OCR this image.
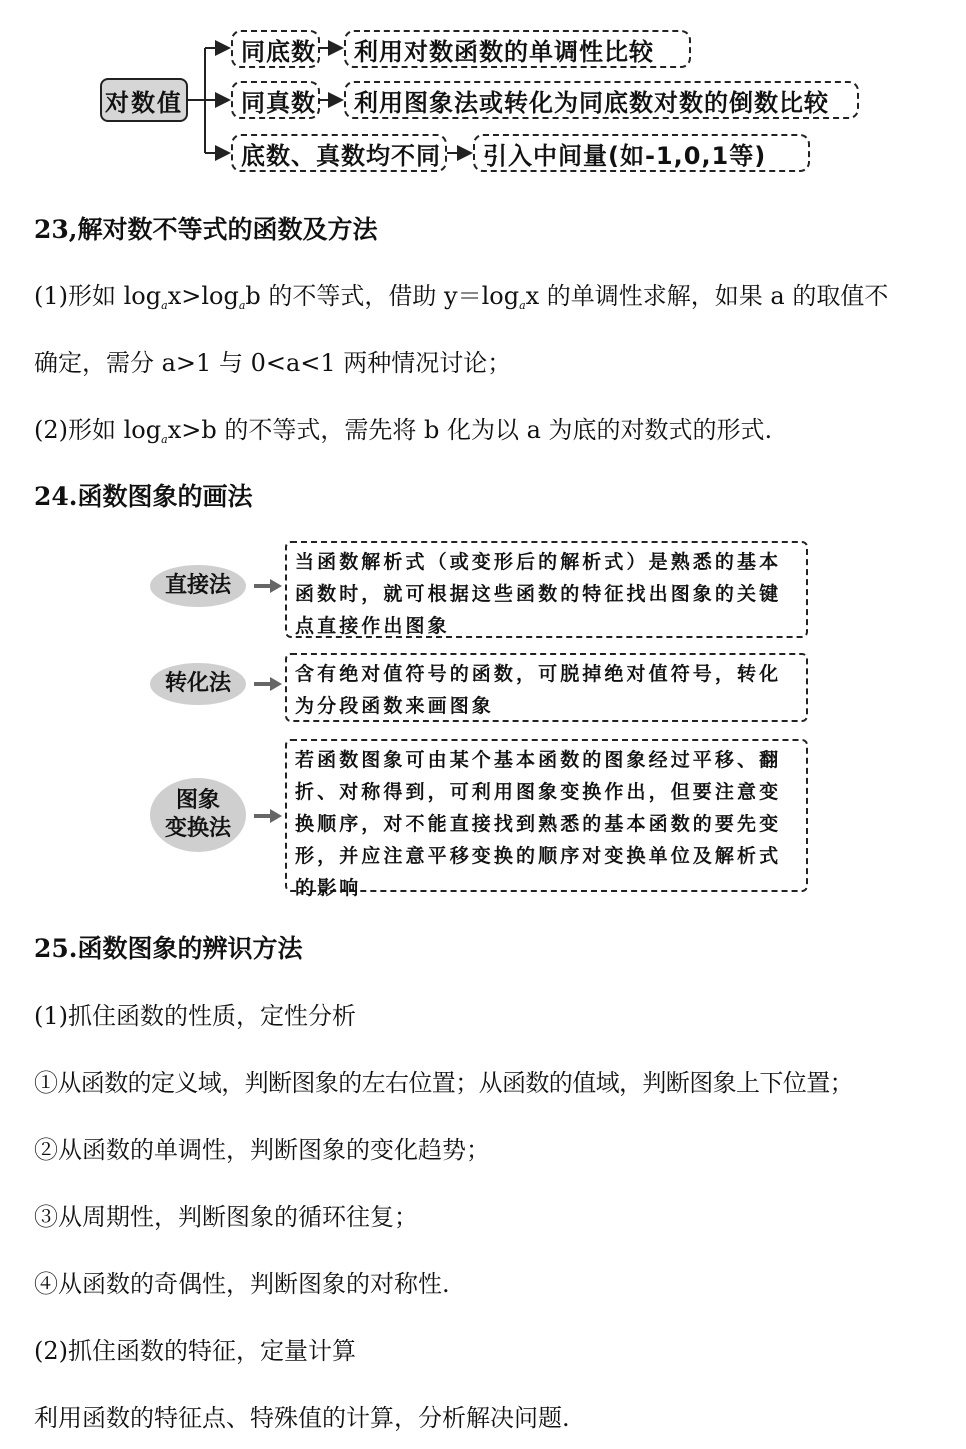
对数值
同底数	利用对数函数的单调性比较
同真数	利用图象法或转化为同底数对数的倒数比较
底数、真数均不同	引入中间量(如-1,0,1等)
23,解对数不等式的函数及方法
(1)形如 $\log_ax>\log_ab$ 的不等式，借助 $y=\log_ax$ 的单调性求解，如果 a 的取值不
确定，需分 a>1 与 0<a<1 两种情况讨论；
(2)形如 $\log_ax>b$ 的不等式，需先将 b 化为以 a 为底的对数式的形式.
24.函数图象的画法
直接法
当函数解析式（或变形后的解析式）是熟悉的基本函数时，就可根据这些函数的特征找出图象的关键点直接作出图象
转化法	含有绝对值符号的函数，可脱掉绝对值符号，转化为分段函数来画图象
图象
变换法
若函数图象可由某个基本函数的图象经过平移、翻折、对称得到，可利用图象变换作出，但要注意变换顺序，对不能直接找到熟悉的基本函数的要先变形，并应注意平移变换的顺序对变换单位及解析式的影响
25.函数图象的辨识方法
(1)抓住函数的性质，定性分析
①从函数的定义域，判断图象的左右位置；从函数的值域，判断图象上下位置；
②从函数的单调性，判断图象的变化趋势；
③从周期性，判断图象的循环往复；
④从函数的奇偶性，判断图象的对称性.
(2)抓住函数的特征，定量计算
利用函数的特征点、特殊值的计算，分析解决问题.
